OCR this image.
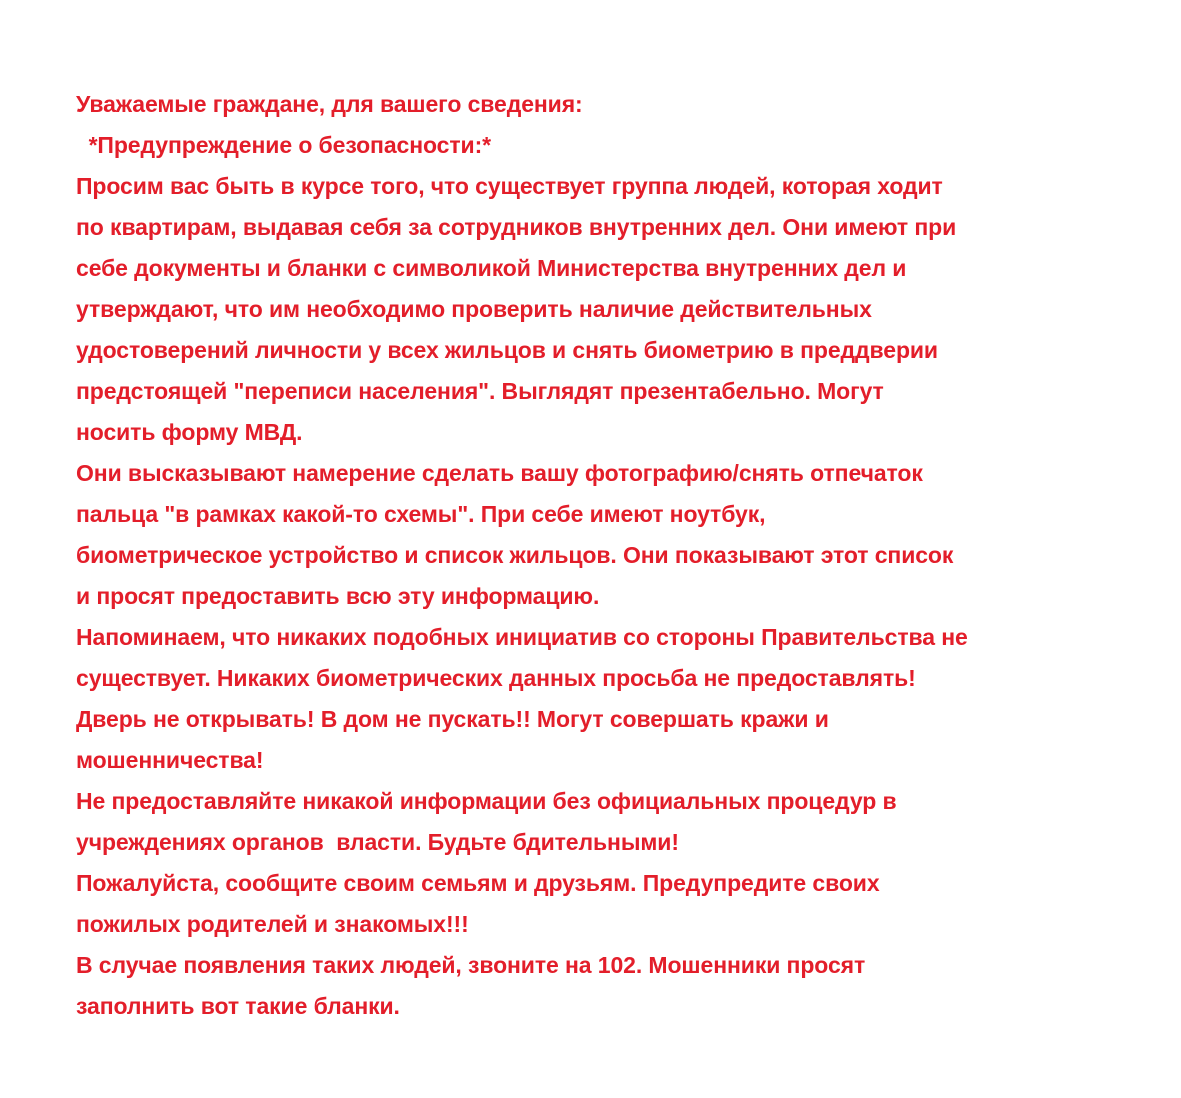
Уважаемые граждане, для вашего сведения:
*Предупреждение о безопасности:*
Просим вас быть в курсе того, что существует группа людей, которая ходит
по квартирам, выдавая себя за сотрудников внутренних дел. Они имеют при
себе документы и бланки с символикой Министерства внутренних дел и
утверждают, что им необходимо проверить наличие действительных
удостоверений личности у всех жильцов и снять биометрию в преддверии
предстоящей "переписи населения". Выглядят презентабельно. Могут
носить форму МВД.
Они высказывают намерение сделать вашу фотографию/снять отпечаток
пальца "в рамках какой-то схемы". При себе имеют ноутбук,
биометрическое устройство и список жильцов. Они показывают этот список
и просят предоставить всю эту информацию.
Напоминаем, что никаких подобных инициатив со стороны Правительства не
существует. Никаких биометрических данных просьба не предоставлять!
Дверь не открывать! В дом не пускать!! Могут совершать кражи и
мошенничества!
Не предоставляйте никакой информации без официальных процедур в
учреждениях органов  власти. Будьте бдительными!
Пожалуйста, сообщите своим семьям и друзьям. Предупредите своих
пожилых родителей и знакомых!!!
В случае появления таких людей, звоните на 102. Мошенники просят
заполнить вот такие бланки.
